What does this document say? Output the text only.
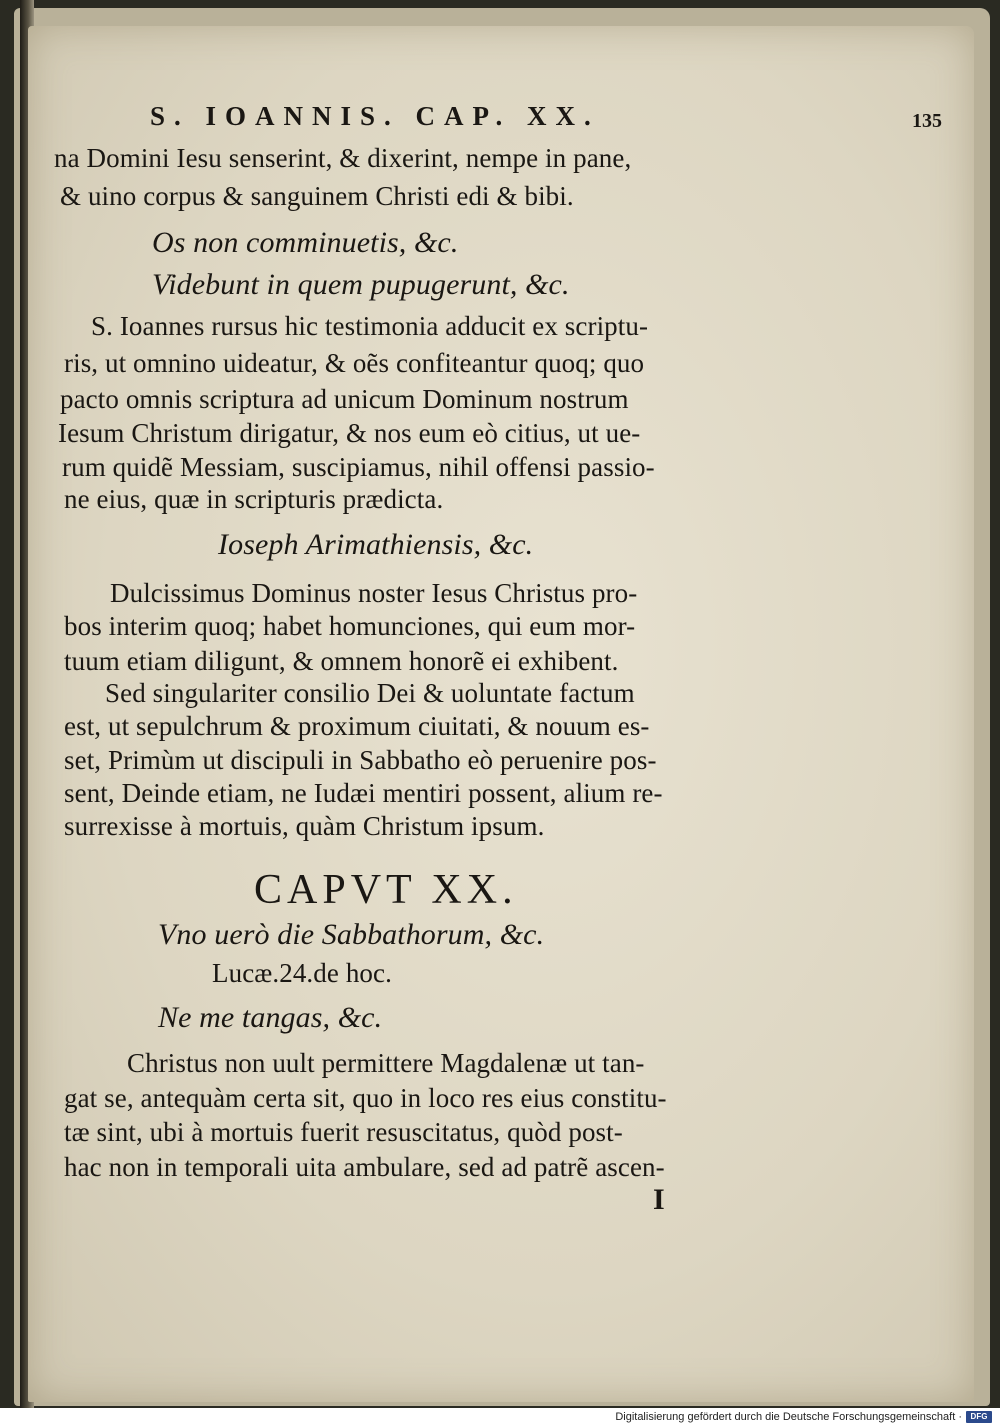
S. IOANNIS. CAP. XX.	135
na Domini Iesu senserint, & dixerint, nempe in pane,
& uino corpus & sanguinem Christi edi & bibi.
Os non comminuetis, &c.
Videbunt in quem pupugerunt, &c.
S. Ioannes rursus hic testimonia adducit ex scriptu-
ris, ut omnino uideatur, & oẽs confiteantur quoq; quo
pacto omnis scriptura ad unicum Dominum nostrum
Iesum Christum dirigatur, & nos eum eò citius, ut ue-
rum quidẽ Messiam, suscipiamus, nihil offensi passio-
ne eius, quæ in scripturis prædicta.
Ioseph Arimathiensis, &c.
Dulcissimus Dominus noster Iesus Christus pro-
bos interim quoq; habet homunciones, qui eum mor-
tuum etiam diligunt, & omnem honorẽ ei exhibent.
Sed singulariter consilio Dei & uoluntate factum
est, ut sepulchrum & proximum ciuitati, & nouum es-
set, Primùm ut discipuli in Sabbatho eò peruenire pos-
sent, Deinde etiam, ne Iudæi mentiri possent, alium re-
surrexisse à mortuis, quàm Christum ipsum.
CAPVT XX.
Vno uerò die Sabbathorum, &c.
Lucæ.24.de hoc.
Ne me tangas, &c.
Christus non uult permittere Magdalenæ ut tan-
gat se, antequàm certa sit, quo in loco res eius constitu-
tæ sint, ubi à mortuis fuerit resuscitatus, quòd post-
hac non in temporali uita ambulare, sed ad patrẽ ascen-
I
Digitalisierung gefördert durch die Deutsche Forschungsgemeinschaft ·	DFG
